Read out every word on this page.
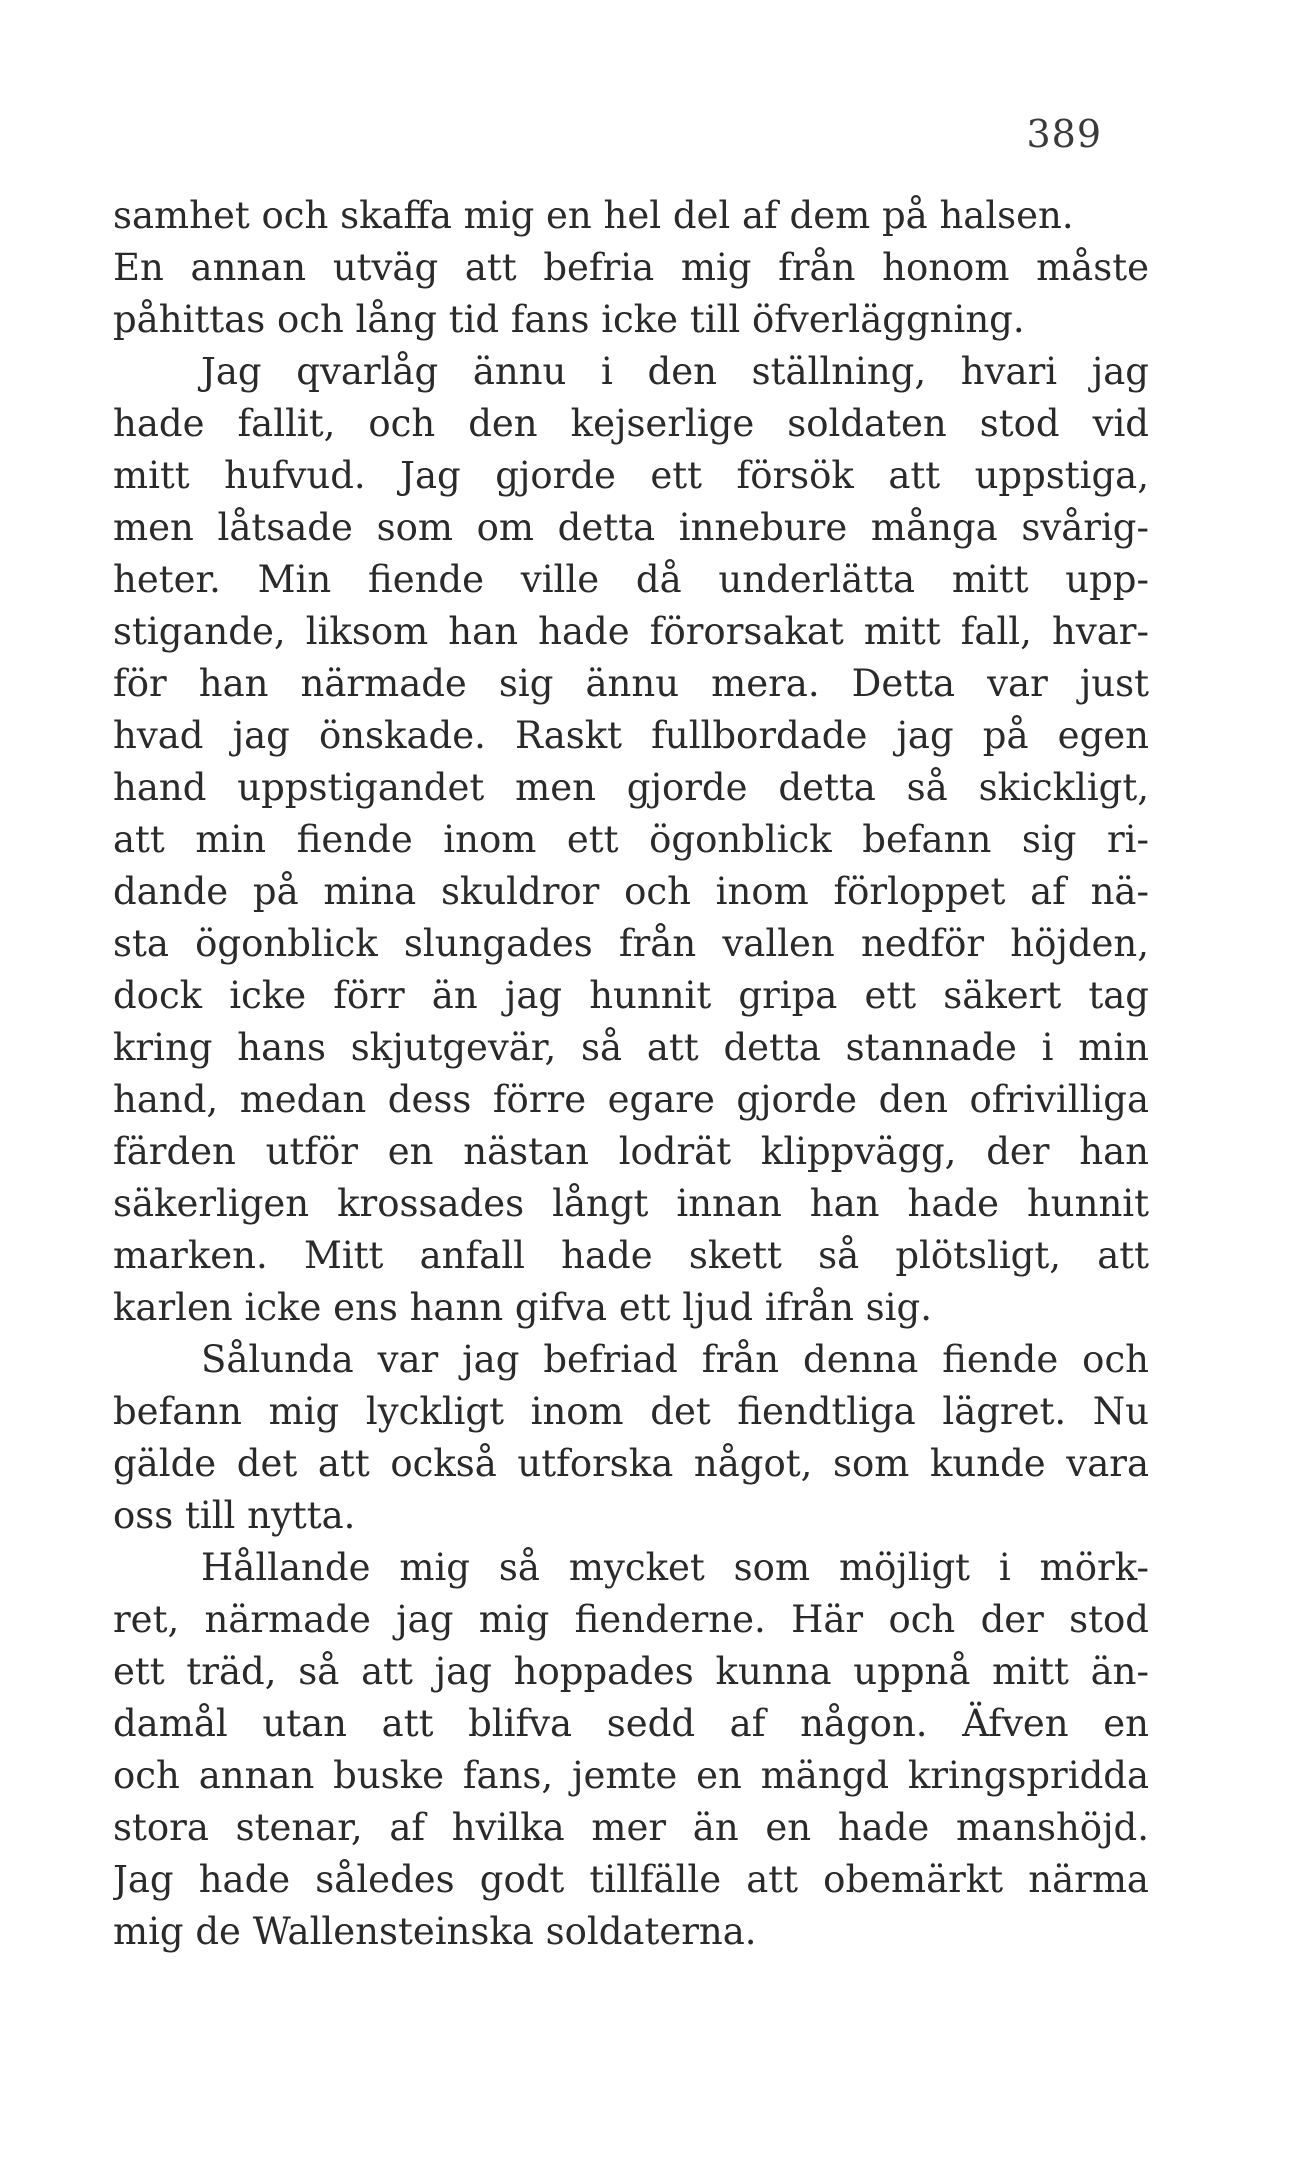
389
samhet och skaffa mig en hel del af dem på halsen.
En annan utväg att befria mig från honom måste
påhittas och lång tid fans icke till öfverläggning.
Jag qvarlåg ännu i den ställning, hvari jag
hade fallit, och den kejserlige soldaten stod vid
mitt hufvud. Jag gjorde ett försök att uppstiga,
men låtsade som om detta innebure många svårig-
heter. Min fiende ville då underlätta mitt upp-
stigande, liksom han hade förorsakat mitt fall, hvar-
för han närmade sig ännu mera. Detta var just
hvad jag önskade. Raskt fullbordade jag på egen
hand uppstigandet men gjorde detta så skickligt,
att min fiende inom ett ögonblick befann sig ri-
dande på mina skuldror och inom förloppet af nä-
sta ögonblick slungades från vallen nedför höjden,
dock icke förr än jag hunnit gripa ett säkert tag
kring hans skjutgevär, så att detta stannade i min
hand, medan dess förre egare gjorde den ofrivilliga
färden utför en nästan lodrät klippvägg, der han
säkerligen krossades långt innan han hade hunnit
marken. Mitt anfall hade skett så plötsligt, att
karlen icke ens hann gifva ett ljud ifrån sig.
Sålunda var jag befriad från denna fiende och
befann mig lyckligt inom det fiendtliga lägret. Nu
gälde det att också utforska något, som kunde vara
oss till nytta.
Hållande mig så mycket som möjligt i mörk-
ret, närmade jag mig fienderne. Här och der stod
ett träd, så att jag hoppades kunna uppnå mitt än-
damål utan att blifva sedd af någon. Äfven en
och annan buske fans, jemte en mängd kringspridda
stora stenar, af hvilka mer än en hade manshöjd.
Jag hade således godt tillfälle att obemärkt närma
mig de Wallensteinska soldaterna.
